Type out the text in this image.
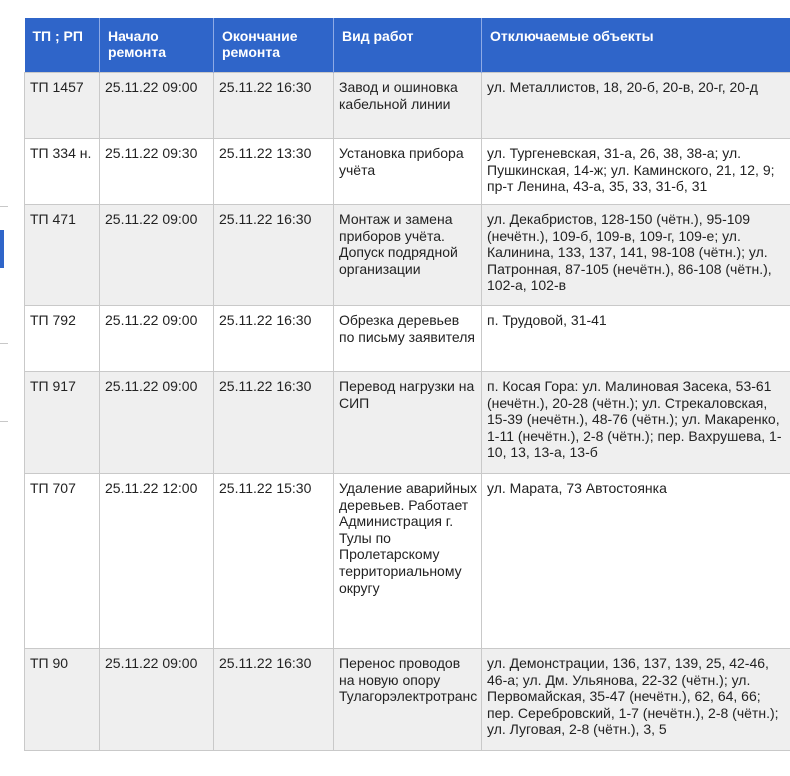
ТП ; РП	Начало ремонта	Окончание ремонта	Вид работ	Отключаемые объекты
ТП 1457	25.11.22 09:00	25.11.22 16:30	Завод и ошиновка кабельной линии	ул. Металлистов, 18, 20-б, 20-в, 20-г, 20-д
ТП 334 н.	25.11.22 09:30	25.11.22 13:30	Установка прибора учёта	ул. Тургеневская, 31-а, 26, 38, 38-а; ул. Пушкинская, 14-ж; ул. Каминского, 21, 12, 9; пр-т Ленина, 43-а, 35, 33, 31-б, 31
ТП 471	25.11.22 09:00	25.11.22 16:30	Монтаж и замена приборов учёта. Допуск подрядной организации	ул. Декабристов, 128-150 (чётн.), 95-109 (нечётн.), 109-б, 109-в, 109-г, 109-е; ул. Калинина, 133, 137, 141, 98-108 (чётн.); ул. Патронная, 87-105 (нечётн.), 86-108 (чётн.), 102-а, 102-в
ТП 792	25.11.22 09:00	25.11.22 16:30	Обрезка деревьев по письму заявителя	п. Трудовой, 31-41
ТП 917	25.11.22 09:00	25.11.22 16:30	Перевод нагрузки на СИП	п. Косая Гора: ул. Малиновая Засека, 53-61 (нечётн.), 20-28 (чётн.); ул. Стрекаловская, 15-39 (нечётн.), 48-76 (чётн.); ул. Макаренко, 1-11 (нечётн.), 2-8 (чётн.); пер. Вахрушева, 1-10, 13, 13-а, 13-б
ТП 707	25.11.22 12:00	25.11.22 15:30	Удаление аварийных деревьев. Работает Администрация г. Тулы по Пролетарскому территориальному округу	ул. Марата, 73 Автостоянка
ТП 90	25.11.22 09:00	25.11.22 16:30	Перенос проводов на новую опору Тулагорэлектротранс	ул. Демонстрации, 136, 137, 139, 25, 42-46, 46-а; ул. Дм. Ульянова, 22-32 (чётн.); ул. Первомайская, 35-47 (нечётн.), 62, 64, 66; пер. Серебровский, 1-7 (нечётн.), 2-8 (чётн.); ул. Луговая, 2-8 (чётн.), 3, 5
